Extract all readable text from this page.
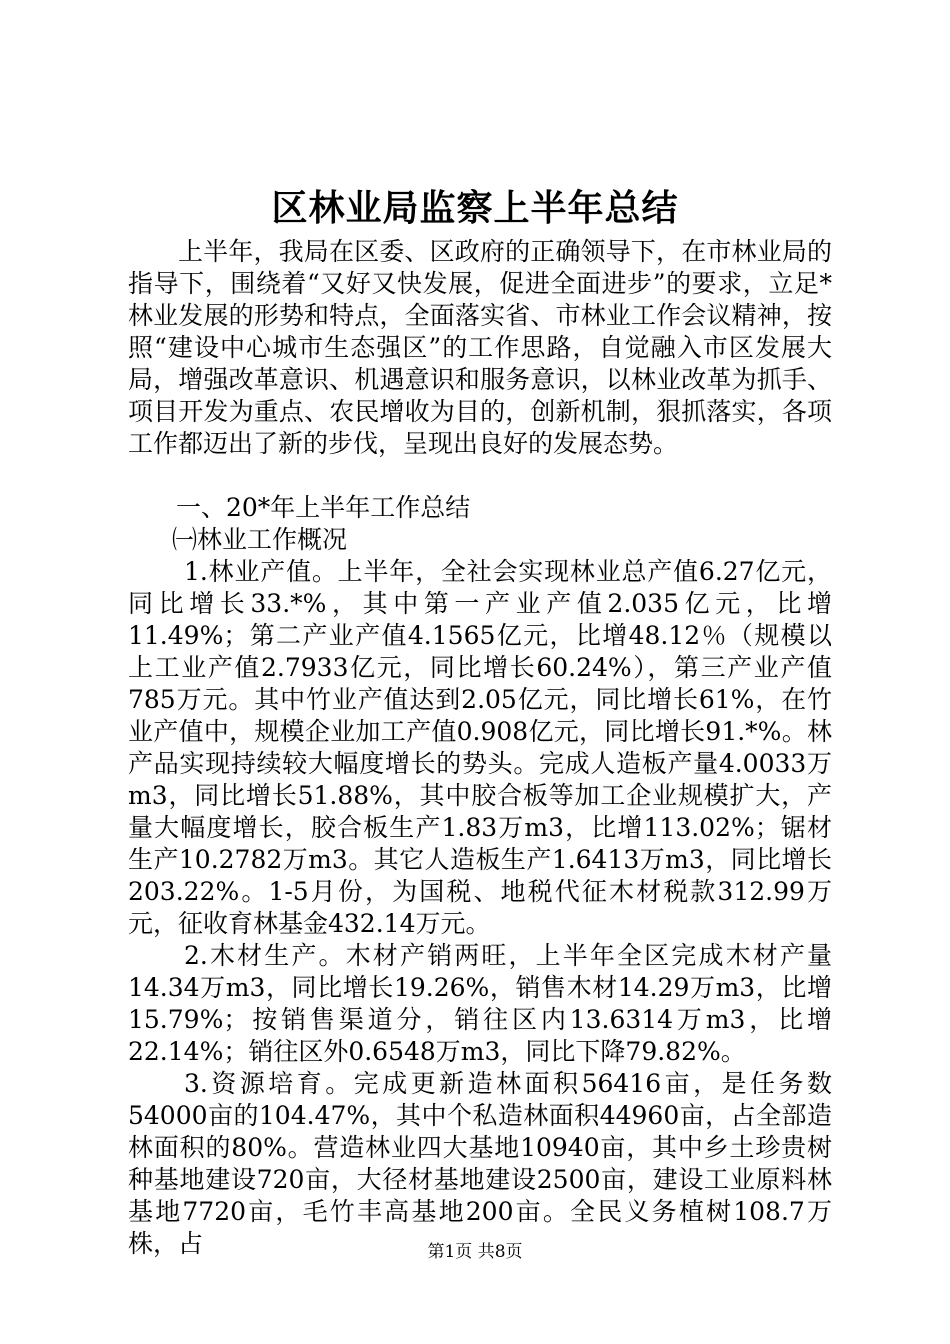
区林业局监察上半年总结

上半年，我局在区委、区政府的正确领导下，在市林业局的指导下，围绕着“又好又快发展，促进全面进步”的要求，立足*林业发展的形势和特点，全面落实省、市林业工作会议精神，按照“建设中心城市生态强区”的工作思路，自觉融入市区发展大局，增强改革意识、机遇意识和服务意识，以林业改革为抓手、项目开发为重点、农民增收为目的，创新机制，狠抓落实，各项工作都迈出了新的步伐，呈现出良好的发展态势。

一、20*年上半年工作总结

㈠林业工作概况

1.林业产值。上半年，全社会实现林业总产值6.27亿元，同比增长33.*%，其中第一产业产值2.035亿元，比增11.49%；第二产业产值4.1565亿元，比增48.12％（规模以上工业产值2.7933亿元，同比增长60.24%），第三产业产值785万元。其中竹业产值达到2.05亿元，同比增长61%，在竹业产值中，规模企业加工产值0.908亿元，同比增长91.*%。林产品实现持续较大幅度增长的势头。完成人造板产量4.0033万m3，同比增长51.88%，其中胶合板等加工企业规模扩大，产量大幅度增长，胶合板生产1.83万m3，比增113.02%；锯材生产10.2782万m3。其它人造板生产1.6413万m3，同比增长203.22%。1-5月份，为国税、地税代征木材税款312.99万元，征收育林基金432.14万元。

2.木材生产。木材产销两旺，上半年全区完成木材产量14.34万m3，同比增长19.26%，销售木材14.29万m3，比增15.79%；按销售渠道分，销往区内13.6314万m3，比增22.14%；销往区外0.6548万m3，同比下降79.82%。

3.资源培育。完成更新造林面积56416亩，是任务数54000亩的104.47%，其中个私造林面积44960亩，占全部造林面积的80%。营造林业四大基地10940亩，其中乡土珍贵树种基地建设720亩，大径材基地建设2500亩，建设工业原料林基地7720亩，毛竹丰高基地200亩。全民义务植树108.7万株，占	第1页 共8页
